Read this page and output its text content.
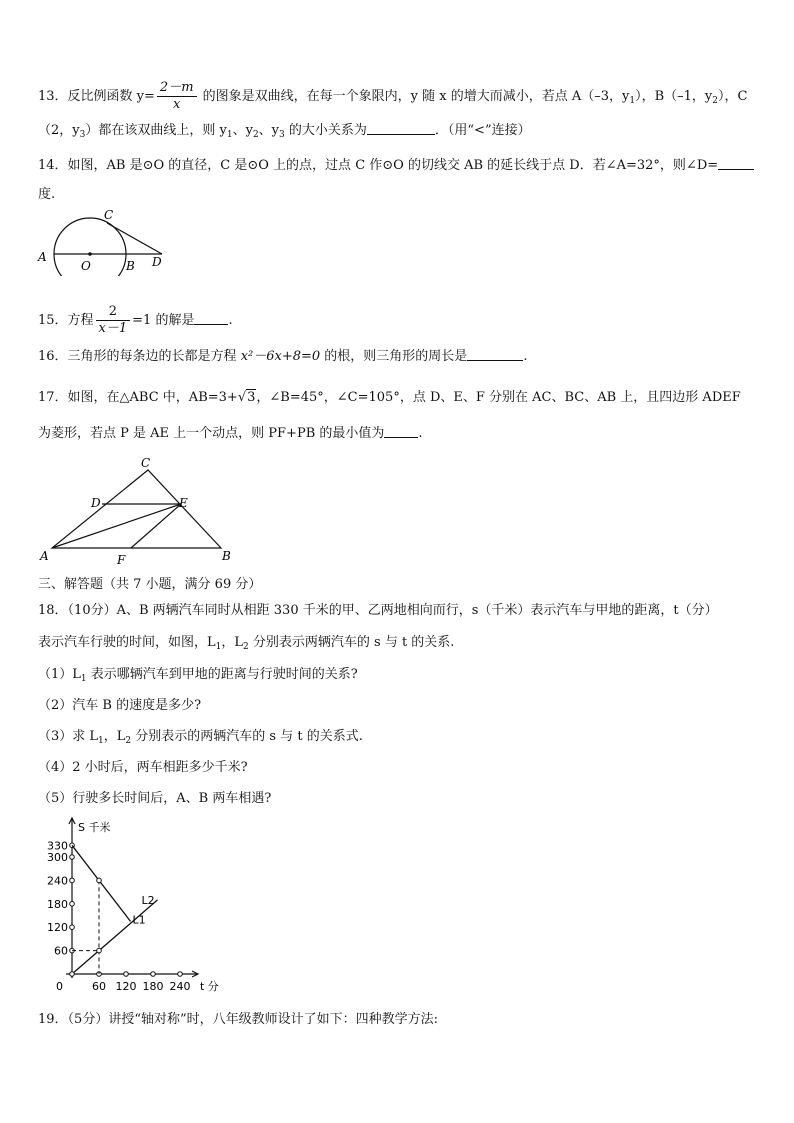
13．反比例函数 $y= \frac{2-m}{x}$ 的图象是双曲线，在每一个象限内，y 随 x 的增大而减小，若点 A（–3，$y_1$），B（–1，$y_2$），C
（2，$y_3$）都在该双曲线上，则 $y_1$、$y_2$、$y_3$ 的大小关系为	．（用“<”连接）
14．如图，AB 是⊙O 的直径，C 是⊙O 上的点，过点 C 作⊙O 的切线交 AB 的延长线于点 D．若∠A=32°，则∠D=
度.
A
O	B D
C
15．方程 $\frac{2}{x-1} =1$ 的解是	.
16．三角形的每条边的长都是方程 x²－6x+8=0 的根，则三角形的周长是	.
17．如图，在△ABC 中，AB=3+√3，∠B=45°，∠C=105°，点 D、E、F 分别在 AC、BC、AB 上，且四边形 ADEF
为菱形，若点 P 是 AE 上一个动点，则 PF+PB 的最小值为	.
A	B
C
D	E
F
三、解答题（共 7 小题，满分 69 分）
18．（10分）A、B 两辆汽车同时从相距 330 千米的甲、乙两地相向而行，s（千米）表示汽车与甲地的距离，t（分）
表示汽车行驶的时间，如图，$L_1$，$L_2$ 分别表示两辆汽车的 s 与 t 的关系.
$(1)L_1$ 表示哪辆汽车到甲地的距离与行驶时间的关系?
（2）汽车 B 的速度是多少?
（3）求 $L_1$，$L_2$ 分别表示的两辆汽车的 s 与 t 的关系式.
（4）2 小时后，两车相距多少千米?
（5）行驶多长时间后，A、B 两车相遇?
S 千米
t 分
0
330
300
240
180
120
60
60 120 180 240
L2
L1
19．（5分）讲授“轴对称”时，八年级教师设计了如下：四种教学方法:
